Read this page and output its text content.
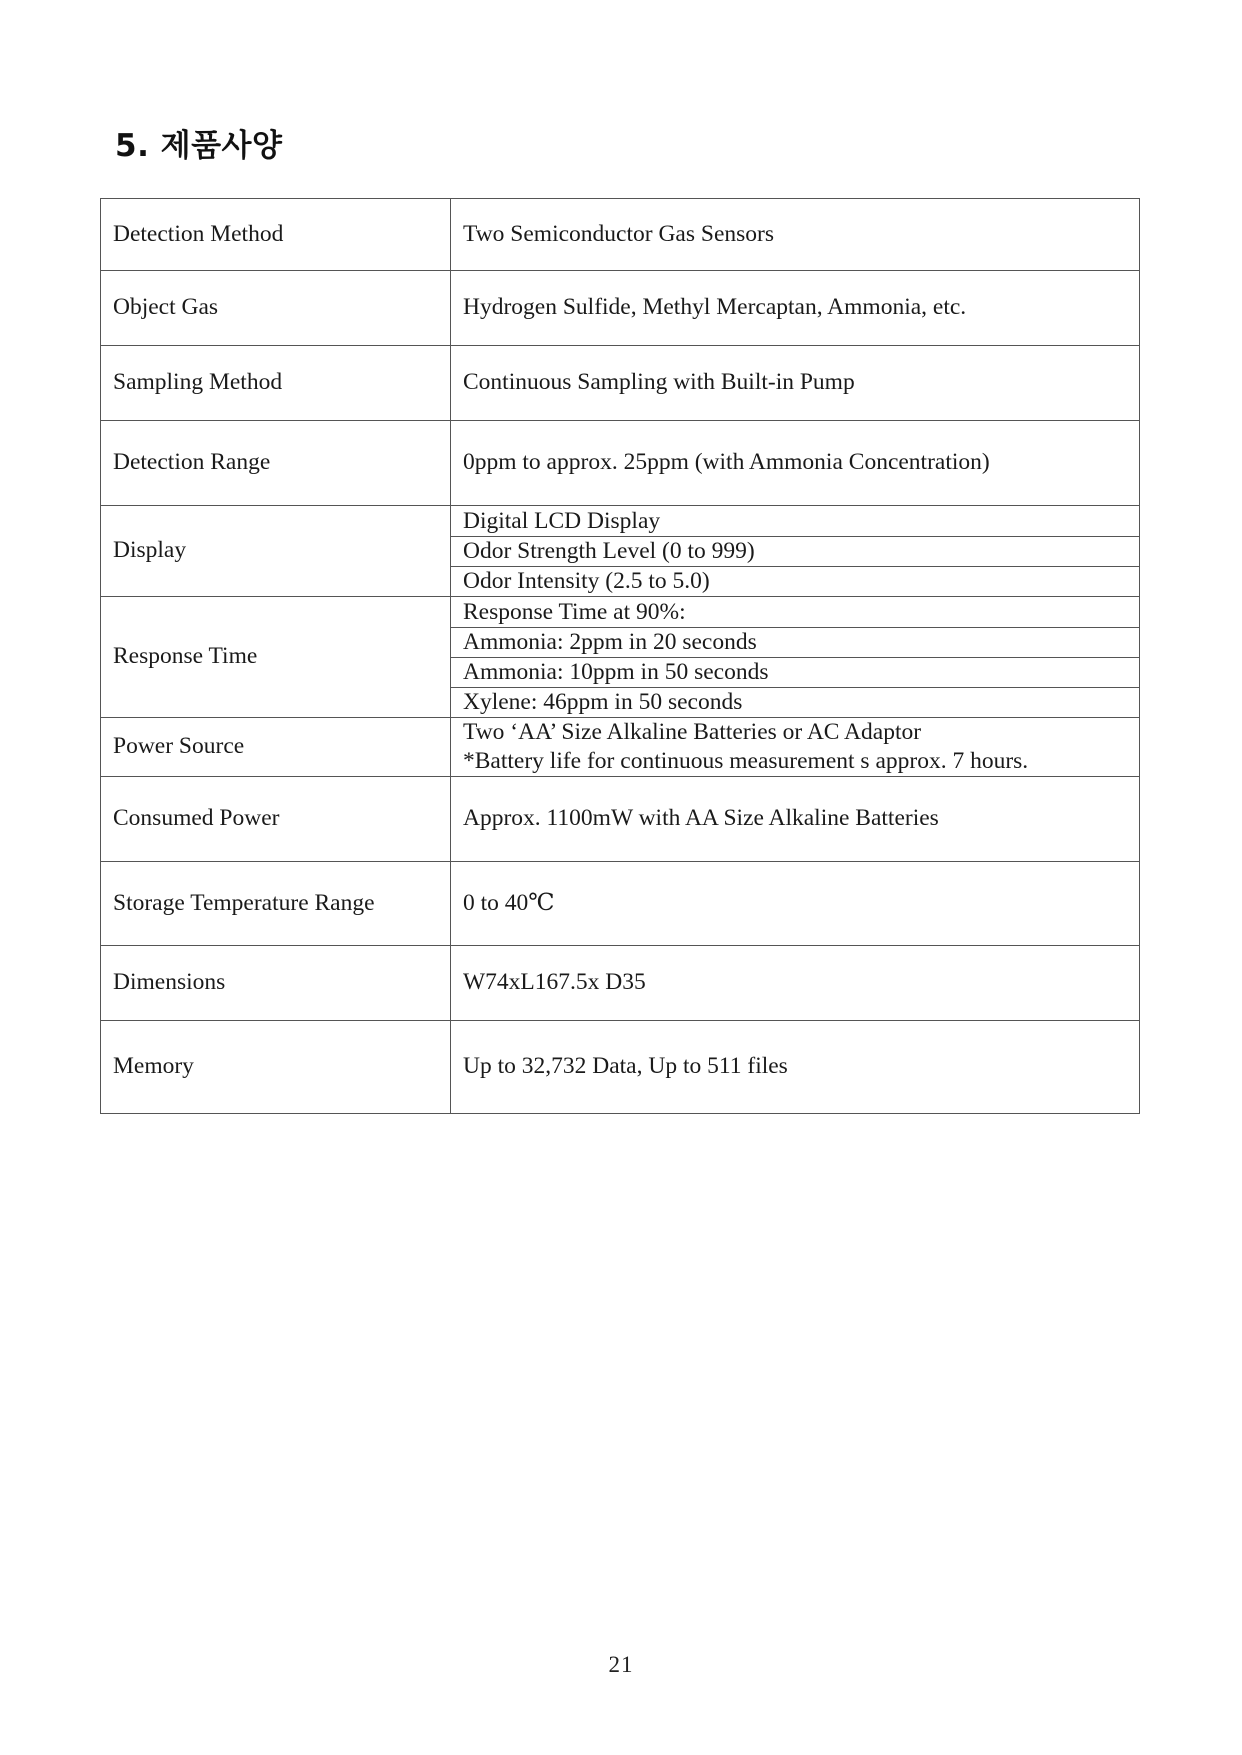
5. 제품사양
Detection Method	Two Semiconductor Gas Sensors
Object Gas	Hydrogen Sulfide, Methyl Mercaptan, Ammonia, etc.
Sampling Method	Continuous Sampling with Built-in Pump
Detection Range	0ppm to approx. 25ppm (with Ammonia Concentration)
Display	Digital LCD Display
Odor Strength Level (0 to 999)
Odor Intensity (2.5 to 5.0)

Response Time	Response Time at 90%:
Ammonia: 2ppm in 20 seconds
Ammonia: 10ppm in 50 seconds
Xylene: 46ppm in 50 seconds

Power Source	Two ‘AA’ Size Alkaline Batteries or AC Adaptor
*Battery life for continuous measurement s approx. 7 hours.

Consumed Power	Approx. 1100mW with AA Size Alkaline Batteries
Storage Temperature Range	0 to 40℃
Dimensions	W74xL167.5x D35
Memory	Up to 32,732 Data, Up to 511 files
21
